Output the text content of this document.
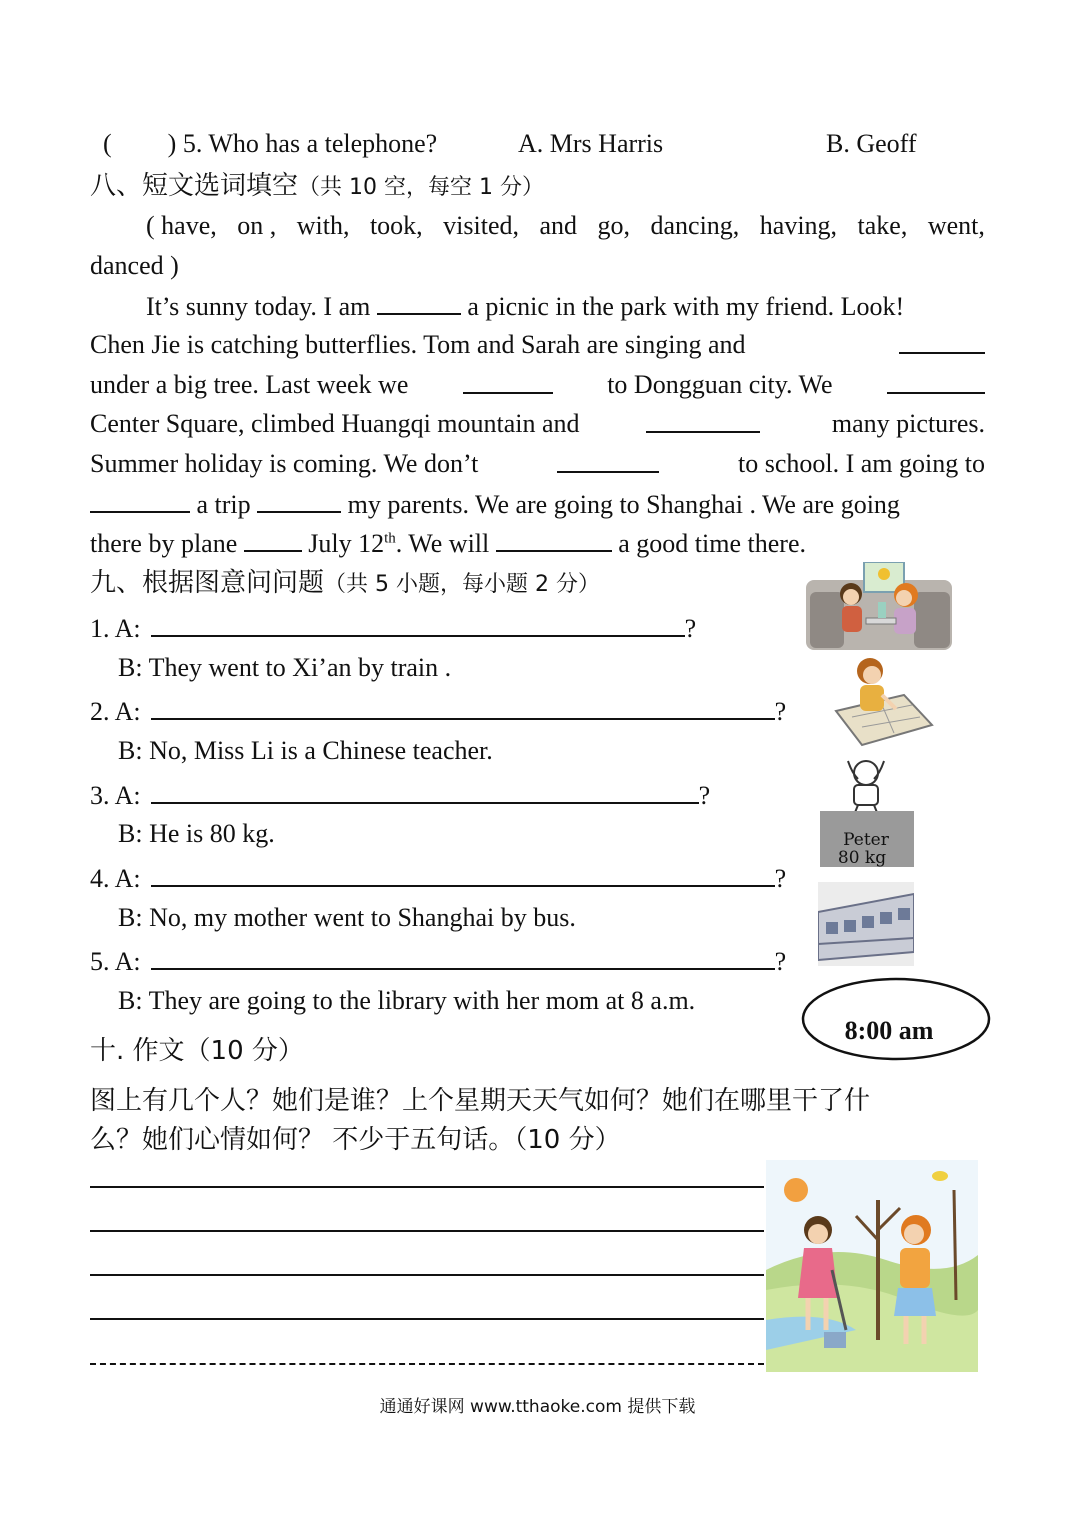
( ) 5. Who has a telephone?	A. Mrs Harris	B. Geoff
八、短文选词填空（共 10 空，每空 1 分）
( have, on , with, took, visited, and go, dancing, having, take, went,
danced )
It’s sunny today. I am	a picnic in the park with my friend. Look!
Chen Jie is catching butterflies. Tom and Sarah are singing and
under a big tree. Last week we	to Dongguan city. We
Center Square, climbed Huangqi mountain and	many pictures.
Summer holiday is coming. We don’t	to school. I am going to
a trip	my parents. We are going to Shanghai . We are going
there by plane	July 12th. We will	a good time there.
九、根据图意问问题（共 5 小题，每小题 2 分）
1. A:	?
B: They went to Xi’an by train .
2. A:	?
B: No, Miss Li is a Chinese teacher.
3. A:	?
B: He is 80 kg.
4. A:	?
B: No, my mother went to Shanghai by bus.
5. A:	?
B: They are going to the library with her mom at 8 a.m.
Peter
80 kg
8:00 am
十. 作文（10 分）
图上有几个人？她们是谁？上个星期天天气如何？她们在哪里干了什
么？她们心情如何？ 不少于五句话。（10 分）
通通好课网 www.tthaoke.com 提供下载
